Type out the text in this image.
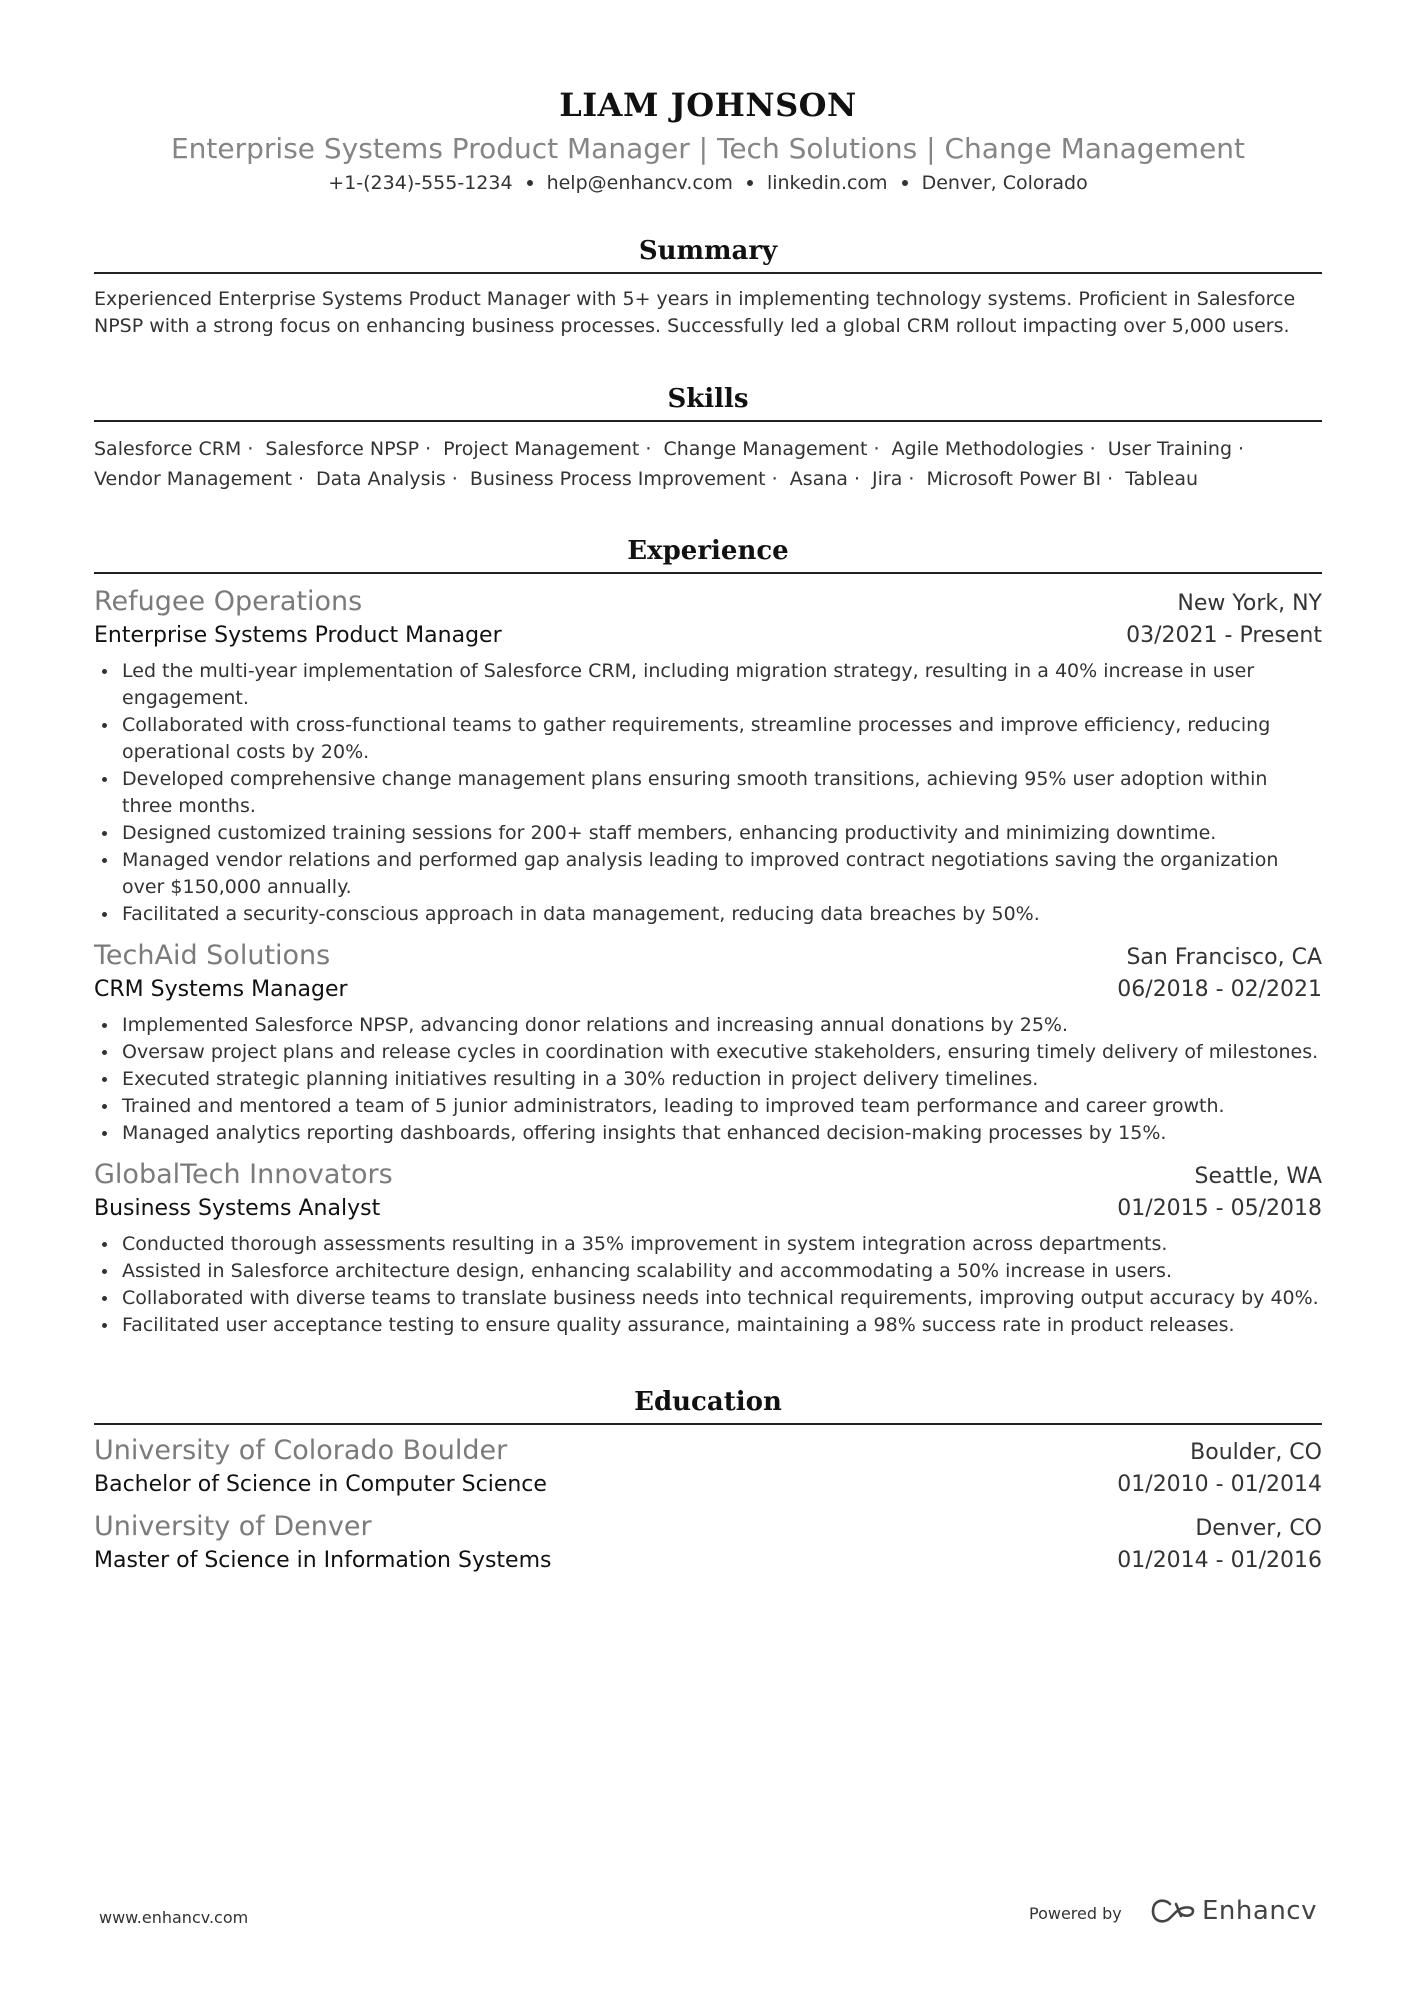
LIAM JOHNSON
Enterprise Systems Product Manager | Tech Solutions | Change Management
+1-(234)-555-1234 help@enhancv.com linkedin.com Denver, Colorado
Summary
Experienced Enterprise Systems Product Manager with 5+ years in implementing technology systems. Proficient in Salesforce NPSP with a strong focus on enhancing business processes. Successfully led a global CRM rollout impacting over 5,000 users.
Skills
Salesforce CRM · Salesforce NPSP · Project Management · Change Management · Agile Methodologies · User Training · Vendor Management · Data Analysis · Business Process Improvement · Asana · Jira · Microsoft Power BI · Tableau
Experience
Refugee Operations	New York, NY
Enterprise Systems Product Manager	03/2021 - Present
Led the multi-year implementation of Salesforce CRM, including migration strategy, resulting in a 40% increase in user engagement.
Collaborated with cross-functional teams to gather requirements, streamline processes and improve efficiency, reducing operational costs by 20%.
Developed comprehensive change management plans ensuring smooth transitions, achieving 95% user adoption within three months.
Designed customized training sessions for 200+ staff members, enhancing productivity and minimizing downtime.
Managed vendor relations and performed gap analysis leading to improved contract negotiations saving the organization over $150,000 annually.
Facilitated a security-conscious approach in data management, reducing data breaches by 50%.
TechAid Solutions	San Francisco, CA
CRM Systems Manager	06/2018 - 02/2021
Implemented Salesforce NPSP, advancing donor relations and increasing annual donations by 25%.
Oversaw project plans and release cycles in coordination with executive stakeholders, ensuring timely delivery of milestones.
Executed strategic planning initiatives resulting in a 30% reduction in project delivery timelines.
Trained and mentored a team of 5 junior administrators, leading to improved team performance and career growth.
Managed analytics reporting dashboards, offering insights that enhanced decision-making processes by 15%.
GlobalTech Innovators	Seattle, WA
Business Systems Analyst	01/2015 - 05/2018
Conducted thorough assessments resulting in a 35% improvement in system integration across departments.
Assisted in Salesforce architecture design, enhancing scalability and accommodating a 50% increase in users.
Collaborated with diverse teams to translate business needs into technical requirements, improving output accuracy by 40%.
Facilitated user acceptance testing to ensure quality assurance, maintaining a 98% success rate in product releases.
Education
University of Colorado Boulder	Boulder, CO
Bachelor of Science in Computer Science	01/2010 - 01/2014
University of Denver	Denver, CO
Master of Science in Information Systems	01/2014 - 01/2016
www.enhancv.com	Powered by	Enhancv
